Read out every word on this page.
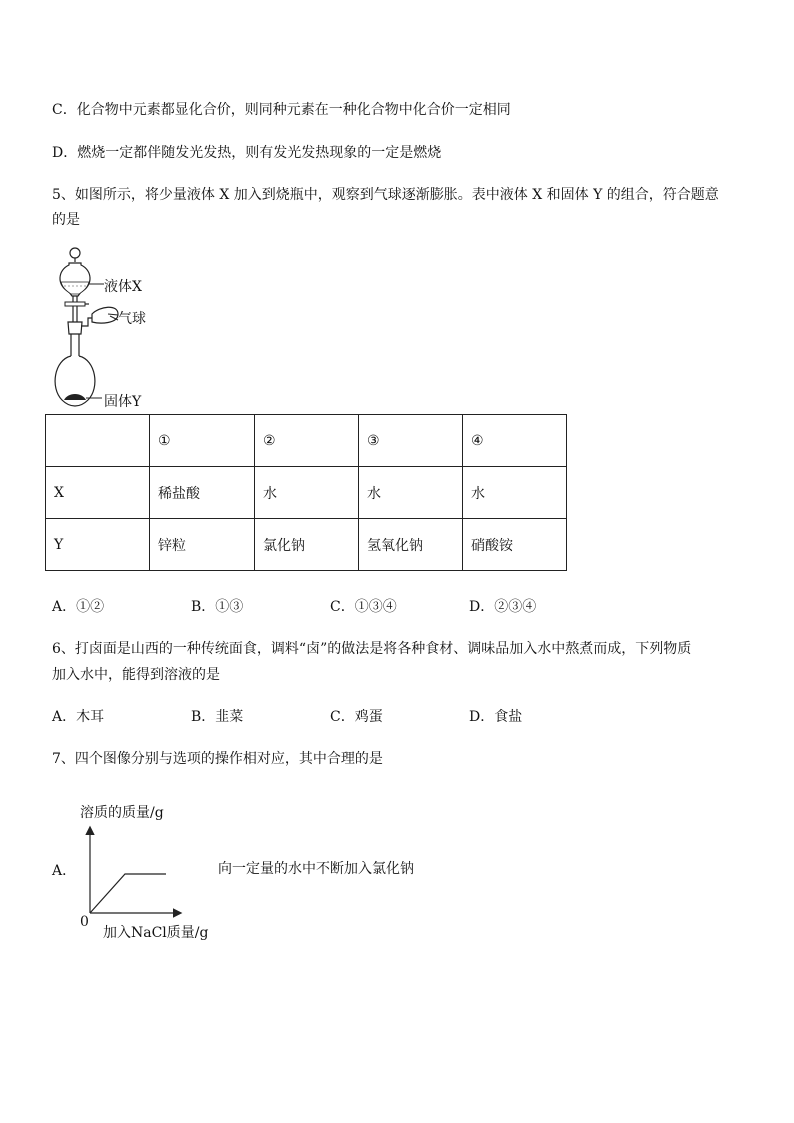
C．化合物中元素都显化合价，则同种元素在一种化合物中化合价一定相同
D．燃烧一定都伴随发光发热，则有发光发热现象的一定是燃烧
5、如图所示，将少量液体 X 加入到烧瓶中，观察到气球逐渐膨胀。表中液体 X 和固体 Y 的组合，符合题意
的是
液体X
气球
固体Y
	①	②	③	④
X	稀盐酸	水	水	水
Y	锌粒	氯化钠	氢氧化钠	硝酸铵
A．①②	B．①③	C．①③④	D．②③④
6、打卤面是山西的一种传统面食，调料“卤”的做法是将各种食材、调味品加入水中熬煮而成，下列物质
加入水中，能得到溶液的是
A．木耳	B．韭菜	C．鸡蛋	D．食盐
7、四个图像分别与选项的操作相对应，其中合理的是
A．
溶质的质量/g
0
加入NaCl质量/g
向一定量的水中不断加入氯化钠
